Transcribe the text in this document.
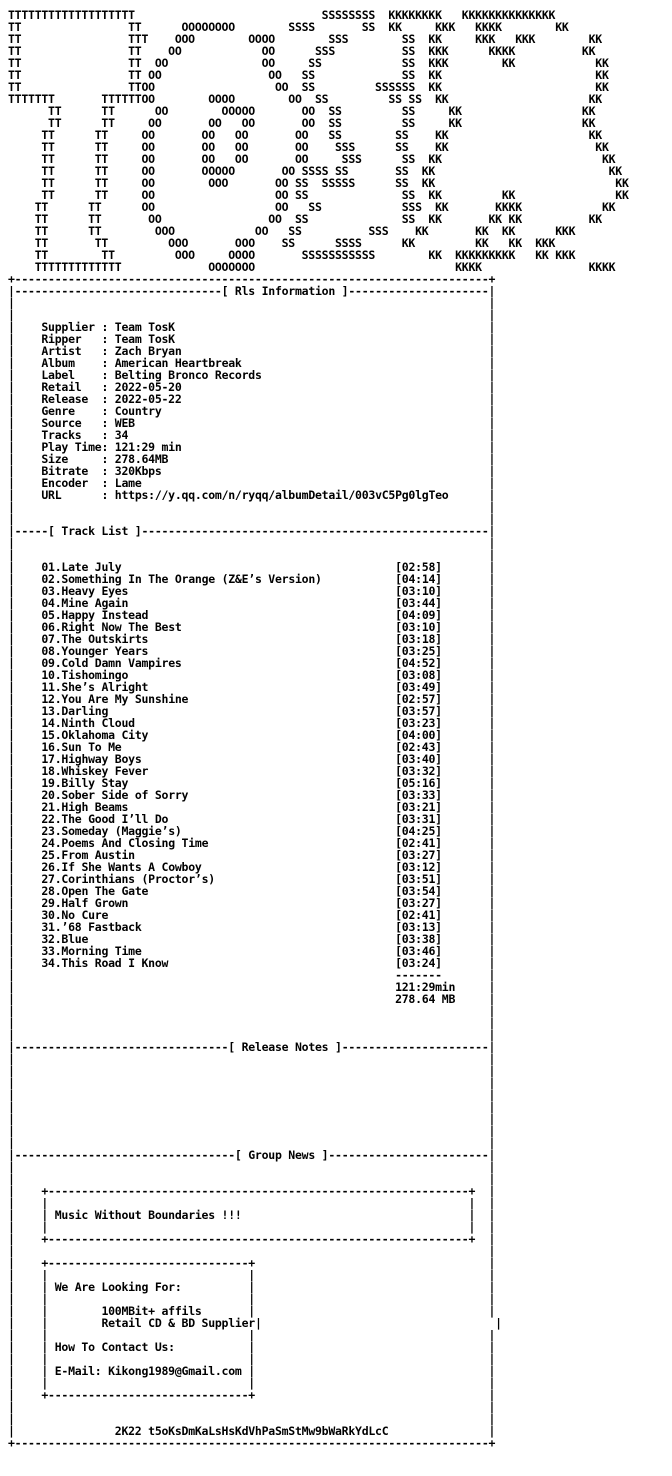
TTTTTTTTTTTTTTTTTTT                            SSSSSSSS  KKKKKKKK   KKKKKKKKKKKKKK
TT                TT      OOOOOOOO        SSSS       SS  KK     KKK   KKKK        KK
TT                TTT    OOO        OOOO        SSS        SS  KK     KKK   KKK        KK
TT                TT    OO            OO      SSS          SS  KKK      KKKK          KK
TT                TT  OO              OO     SS            SS  KKK        KK            KK
TT                TT OO                OO   SS             SS  KK                       KK
TT                TTOO                  OO  SS         SSSSSS  KK                       KK
TTTTTTT       TTTTTTOO        OOOO        OO  SS         SS SS  KK                     KK
TT      TT      OO        OOOOO       OO  SS         SS     KK                  KK
TT      TT     OO       OO   OO       OO  SS         SS     KK                  KK
TT      TT     OO       OO   OO       OO   SS        SS    KK                     KK
TT      TT     OO       OO   OO       OO    SSS      SS    KK                      KK
TT      TT     OO       OO   OO       OO     SSS      SS  KK                        KK
TT      TT     OO       OOOOO       OO SSSS SS       SS  KK                          KK
TT      TT     OO        OOO       OO SS  SSSSS      SS  KK                           KK
TT      TT     OO                  OO SS              SS  KK         KK               KK
TT      TT      OO                  OO   SS            SSS  KK       KKKK            KK
TT      TT       OO                OO  SS              SS  KK       KK KK          KK
TT      TT        OOO            OO   SS          SSS    KK       KK  KK      KKK
TT       TT         OOO       OOO    SS      SSSS      KK         KK   KK  KKK
TT        TT         OOO     OOOO       SSSSSSSSSSS        KK  KKKKKKKKK   KK KKK
TTTTTTTTTTTTT             OOOOOOO                              KKKK                KKKK
+-----------------------------------------------------------------------+
|-------------------------------[ Rls Information ]---------------------|
|                                                                       |
|                                                                       |
|    Supplier : Team TosK                                               |
|    Ripper   : Team TosK                                               |
|    Artist   : Zach Bryan                                              |
|    Album    : American Heartbreak                                     |
|    Label    : Belting Bronco Records                                  |
|    Retail   : 2022-05-20                                              |
|    Release  : 2022-05-22                                              |
|    Genre    : Country                                                 |
|    Source   : WEB                                                     |
|    Tracks   : 34                                                      |
|    Play Time: 121:29 min                                              |
|    Size     : 278.64MB                                                |
|    Bitrate  : 320Kbps                                                 |
|    Encoder  : Lame                                                    |
|    URL      : https://y.qq.com/n/ryqq/albumDetail/003vC5Pg0lgTeo      |
|                                                                       |
|                                                                       |
|-----[ Track List ]----------------------------------------------------|
|                                                                       |
|                                                                       |
|    01.Late July	[02:58]       |
|    02.Something In The Orange (Z&E’s Version)	[04:14]       |
|    03.Heavy Eyes	[03:10]       |
|    04.Mine Again	[03:44]       |
|    05.Happy Instead	[04:09]       |
|    06.Right Now The Best	[03:10]       |
|    07.The Outskirts	[03:18]       |
|    08.Younger Years	[03:25]       |
|    09.Cold Damn Vampires	[04:52]       |
|    10.Tishomingo	[03:08]       |
|    11.She’s Alright	[03:49]       |
|    12.You Are My Sunshine	[02:57]       |
|    13.Darling	[03:57]       |
|    14.Ninth Cloud	[03:23]       |
|    15.Oklahoma City	[04:00]       |
|    16.Sun To Me	[02:43]       |
|    17.Highway Boys	[03:40]       |
|    18.Whiskey Fever	[03:32]       |
|    19.Billy Stay	[05:16]       |
|    20.Sober Side of Sorry	[03:33]       |
|    21.High Beams	[03:21]       |
|    22.The Good I’ll Do	[03:31]       |
|    23.Someday (Maggie’s)	[04:25]       |
|    24.Poems And Closing Time	[02:41]       |
|    25.From Austin	[03:27]       |
|    26.If She Wants A Cowboy	[03:12]       |
|    27.Corinthians (Proctor’s)	[03:51]       |
|    28.Open The Gate	[03:54]       |
|    29.Half Grown	[03:27]       |
|    30.No Cure	[02:41]       |
|    31.’68 Fastback	[03:13]       |
|    32.Blue	[03:38]       |
|    33.Morning Time	[03:46]       |
|    34.This Road I Know	[03:24]       |
|                                                         -------       |
|                                                         121:29min     |
|                                                         278.64 MB     |
|                                                                       |
|                                                                       |
|                                                                       |
|--------------------------------[ Release Notes ]----------------------|
|                                                                       |
|                                                                       |
|                                                                       |
|                                                                       |
|                                                                       |
|                                                                       |
|                                                                       |
|                                                                       |
|---------------------------------[ Group News ]------------------------|
|                                                                       |
|                                                                       |
|    +---------------------------------------------------------------+  |
|    |                                                               |  |
|    | Music Without Boundaries !!!                                  |  |
|    |                                                               |  |
|    +---------------------------------------------------------------+  |
|                                                                       |
|    +------------------------------+                                   |
|    |                              |                                   |
|    | We Are Looking For:          |                                   |
|    |                              |                                   |
|    |        100MBit+ affils       |                                   |
|    |        Retail CD & BD Supplier|                                   |
|    |                              |                                   |
|    | How To Contact Us:           |                                   |
|    |                              |                                   |
|    | E-Mail: Kikong1989@Gmail.com |                                   |
|    |                              |                                   |
|    +------------------------------+                                   |
|                                                                       |
|                                                                       |
|               2K22 t5oKsDmKaLsHsKdVhPaSmStMw9bWaRkYdLcC               |
+-----------------------------------------------------------------------+
